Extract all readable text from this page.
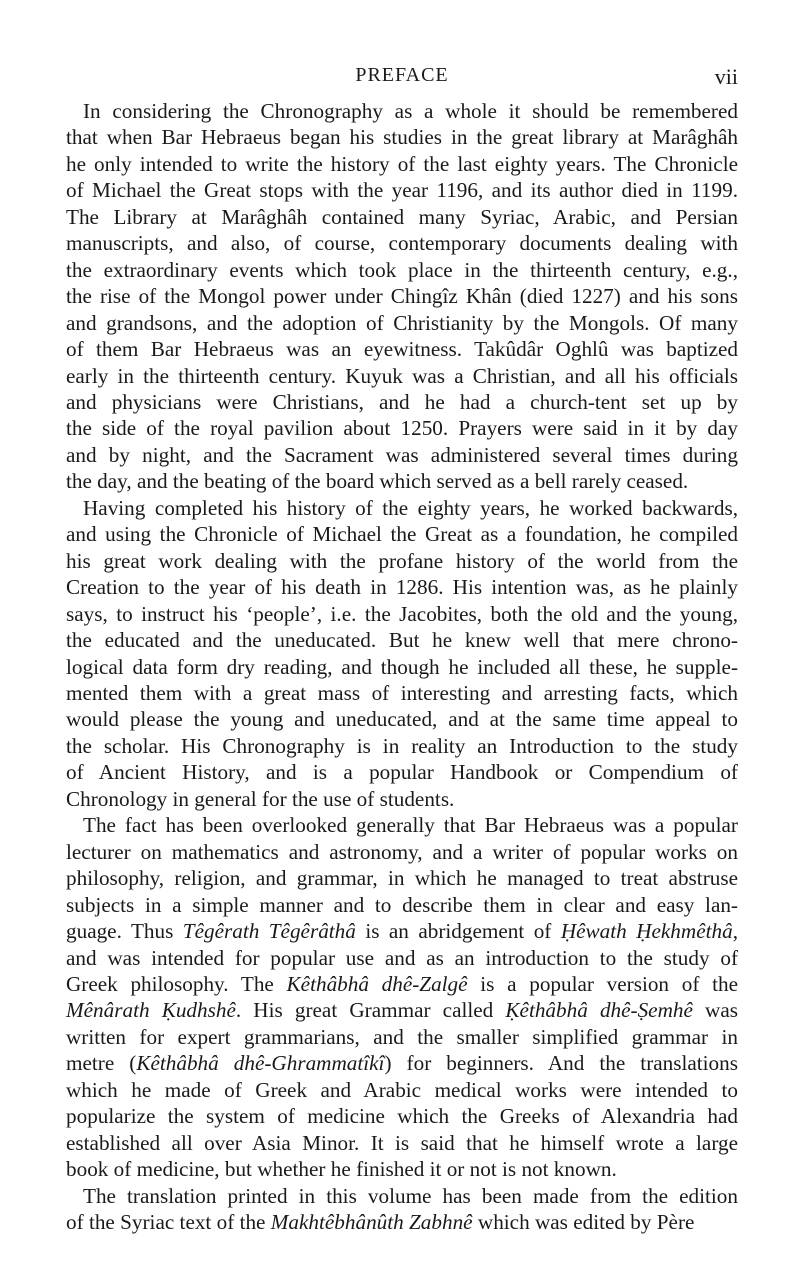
PREFACE	vii
In considering the Chronography as a whole it should be remembered
that when Bar Hebraeus began his studies in the great library at Marâghâh
he only intended to write the history of the last eighty years. The Chronicle
of Michael the Great stops with the year 1196, and its author died in 1199.
The Library at Marâghâh contained many Syriac, Arabic, and Persian
manuscripts, and also, of course, contemporary documents dealing with
the extraordinary events which took place in the thirteenth century, e.g.,
the rise of the Mongol power under Chingîz Khân (died 1227) and his sons
and grandsons, and the adoption of Christianity by the Mongols. Of many
of them Bar Hebraeus was an eyewitness. Takûdâr Oghlû was baptized
early in the thirteenth century. Kuyuk was a Christian, and all his officials
and physicians were Christians, and he had a church-tent set up by
the side of the royal pavilion about 1250. Prayers were said in it by day
and by night, and the Sacrament was administered several times during
the day, and the beating of the board which served as a bell rarely ceased.
Having completed his history of the eighty years, he worked backwards,
and using the Chronicle of Michael the Great as a foundation, he compiled
his great work dealing with the profane history of the world from the
Creation to the year of his death in 1286. His intention was, as he plainly
says, to instruct his ‘people’, i.e. the Jacobites, both the old and the young,
the educated and the uneducated. But he knew well that mere chrono-
logical data form dry reading, and though he included all these, he supple-
mented them with a great mass of interesting and arresting facts, which
would please the young and uneducated, and at the same time appeal to
the scholar. His Chronography is in reality an Introduction to the study
of Ancient History, and is a popular Handbook or Compendium of
Chronology in general for the use of students.
The fact has been overlooked generally that Bar Hebraeus was a popular
lecturer on mathematics and astronomy, and a writer of popular works on
philosophy, religion, and grammar, in which he managed to treat abstruse
subjects in a simple manner and to describe them in clear and easy lan-
guage. Thus Têgêrath Têgêrâthâ is an abridgement of Ḥêwath Ḥekhmêthâ,
and was intended for popular use and as an introduction to the study of
Greek philosophy. The Kêthâbhâ dhê-Zalgê is a popular version of the
Mênârath Ḳudhshê. His great Grammar called Ḳêthâbhâ dhê-Ṣemhê was
written for expert grammarians, and the smaller simplified grammar in
metre (Kêthâbhâ dhê-Ghrammatîkî) for beginners. And the translations
which he made of Greek and Arabic medical works were intended to
popularize the system of medicine which the Greeks of Alexandria had
established all over Asia Minor. It is said that he himself wrote a large
book of medicine, but whether he finished it or not is not known.
The translation printed in this volume has been made from the edition
of the Syriac text of the Makhtêbhânûth Zabhnê which was edited by Père
